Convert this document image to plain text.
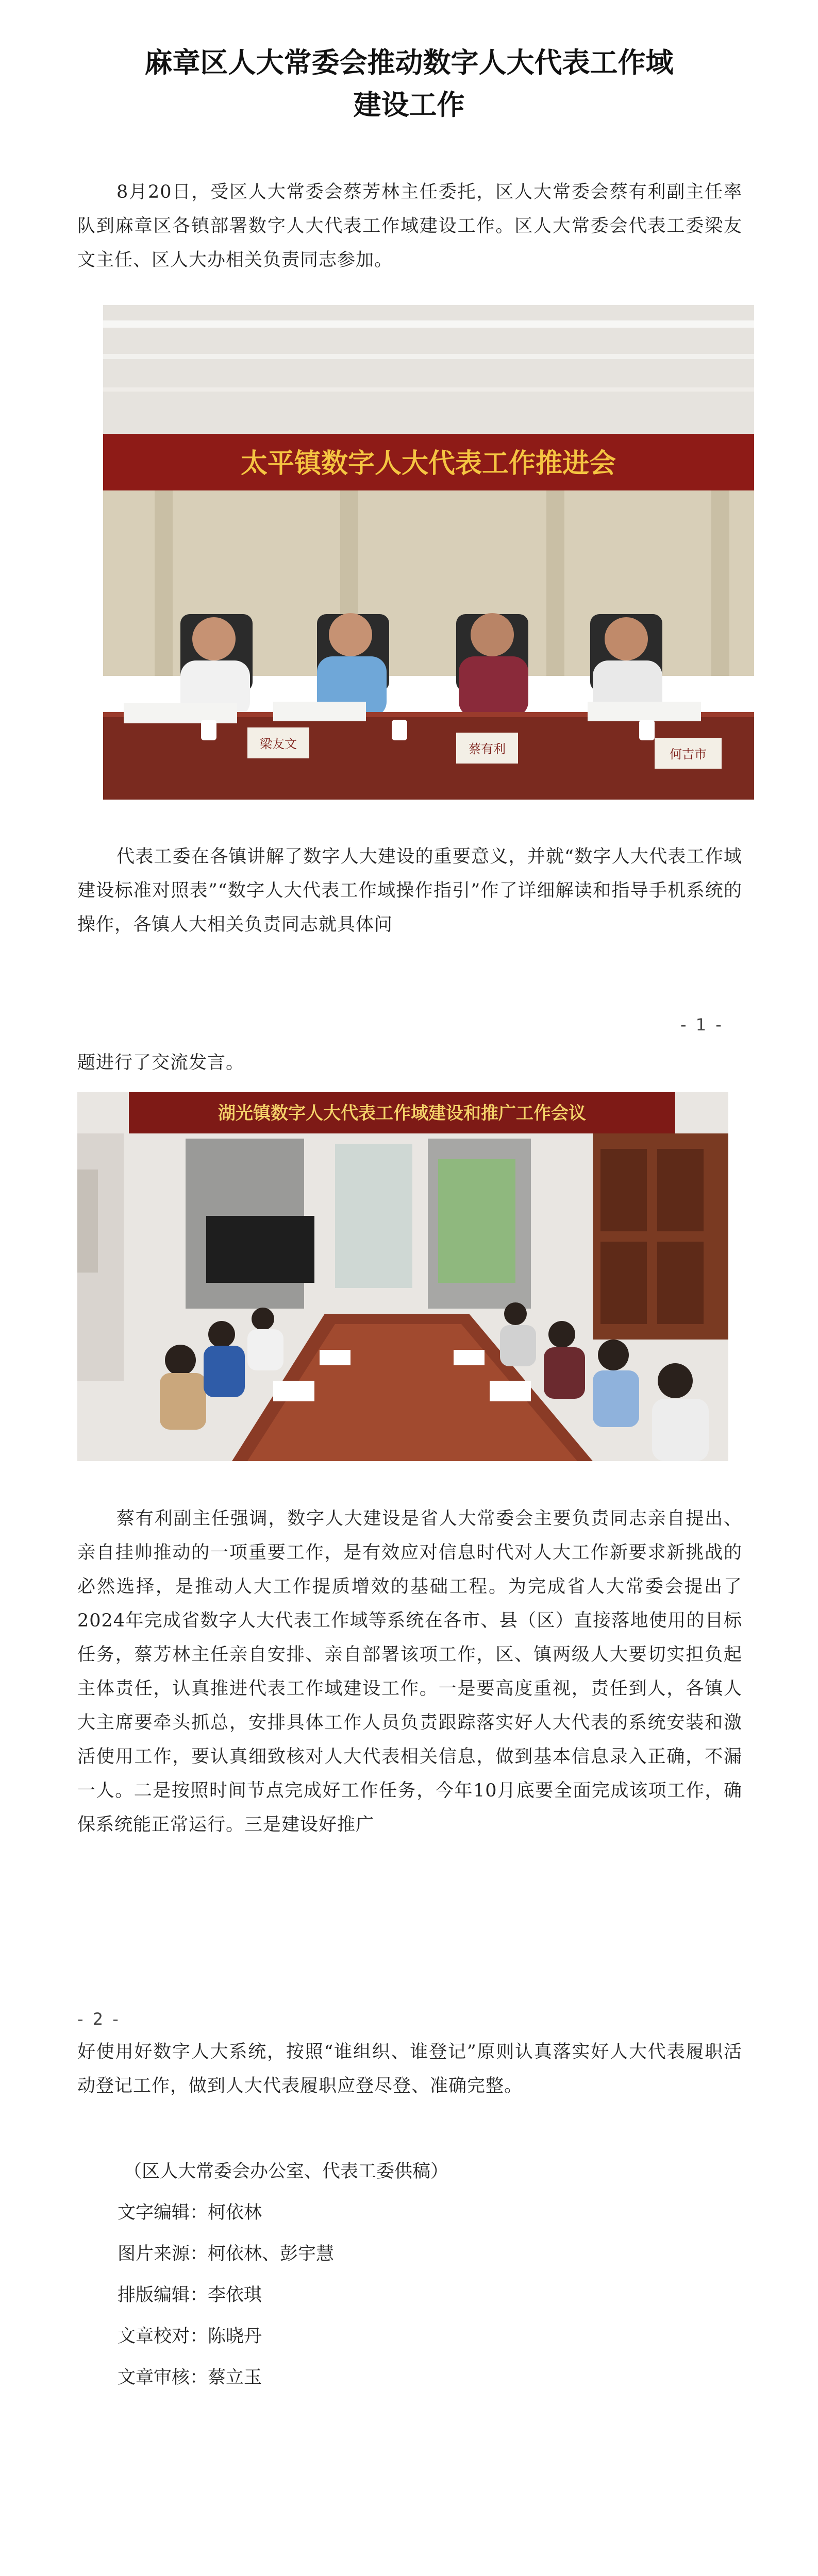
麻章区人大常委会推动数字人大代表工作域
建设工作

8月20日，受区人大常委会蔡芳林主任委托，区人大常委会蔡有利副主任率队到麻章区各镇部署数字人大代表工作域建设工作。区人大常委会代表工委梁友文主任、区人大办相关负责同志参加。

太平镇数字人大代表工作推进会
梁友文	蔡有利	何吉市

代表工委在各镇讲解了数字人大建设的重要意义，并就“数字人大代表工作域建设标准对照表”“数字人大代表工作域操作指引”作了详细解读和指导手机系统的操作，各镇人大相关负责同志就具体问

- 1 -

题进行了交流发言。

湖光镇数字人大代表工作域建设和推广工作会议

蔡有利副主任强调，数字人大建设是省人大常委会主要负责同志亲自提出、亲自挂帅推动的一项重要工作，是有效应对信息时代对人大工作新要求新挑战的必然选择，是推动人大工作提质增效的基础工程。为完成省人大常委会提出了2024年完成省数字人大代表工作域等系统在各市、县（区）直接落地使用的目标任务，蔡芳林主任亲自安排、亲自部署该项工作，区、镇两级人大要切实担负起主体责任，认真推进代表工作域建设工作。一是要高度重视，责任到人，各镇人大主席要牵头抓总，安排具体工作人员负责跟踪落实好人大代表的系统安装和激活使用工作，要认真细致核对人大代表相关信息，做到基本信息录入正确，不漏一人。二是按照时间节点完成好工作任务，今年10月底要全面完成该项工作，确保系统能正常运行。三是建设好推广

- 2 -

好使用好数字人大系统，按照“谁组织、谁登记”原则认真落实好人大代表履职活动登记工作，做到人大代表履职应登尽登、准确完整。

（区人大常委会办公室、代表工委供稿）
文字编辑：柯依林
图片来源：柯依林、彭宇慧
排版编辑：李依琪
文章校对：陈晓丹
文章审核：蔡立玉
